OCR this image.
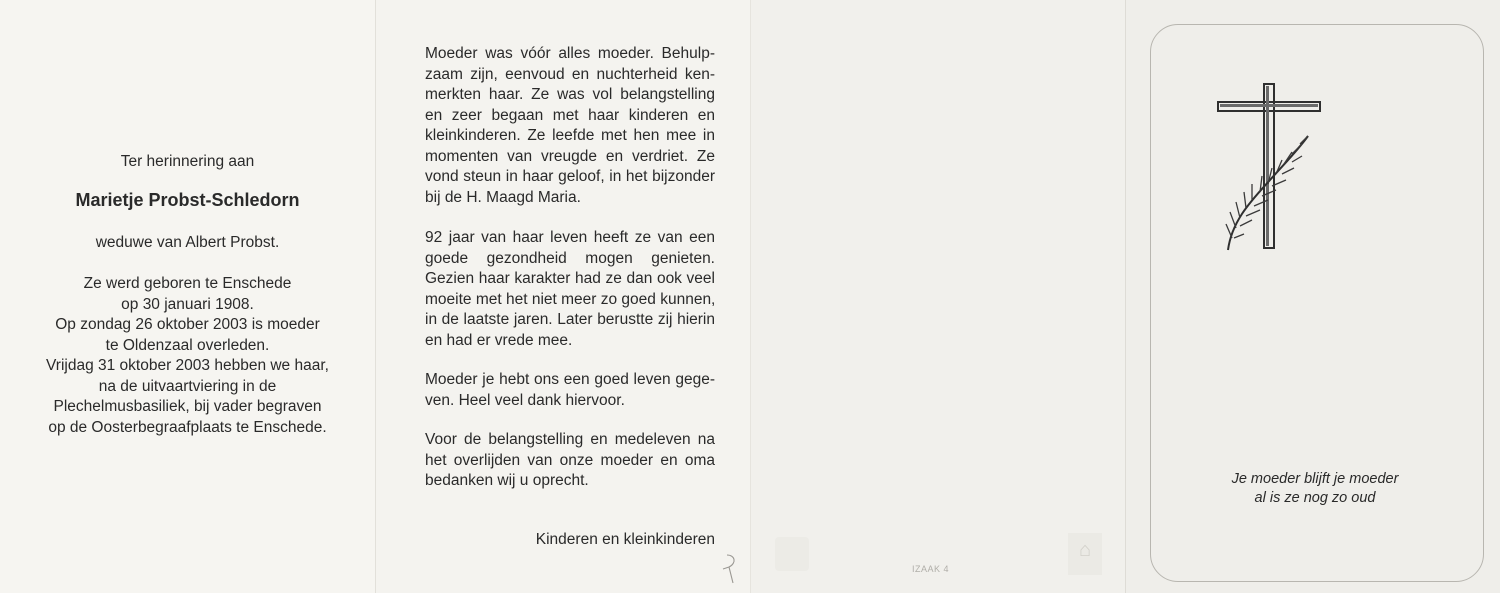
Ter herinnering aan
Marietje Probst-Schledorn
weduwe van Albert Probst.
Ze werd geboren te Enschede
op 30 januari 1908.
Op zondag 26 oktober 2003 is moeder
te Oldenzaal overleden.
Vrijdag 31 oktober 2003 hebben we haar,
na de uitvaartviering in de
Plechelmusbasiliek, bij vader begraven
op de Oosterbegraafplaats te Enschede.
Moeder was vóór alles moeder. Behulp-
zaam zijn, eenvoud en nuchterheid ken-
merkten haar. Ze was vol belangstelling
en zeer begaan met haar kinderen en
kleinkinderen. Ze leefde met hen mee in
momenten van vreugde en verdriet. Ze
vond steun in haar geloof, in het bijzonder
bij de H. Maagd Maria.
92 jaar van haar leven heeft ze van een
goede gezondheid mogen genieten.
Gezien haar karakter had ze dan ook veel
moeite met het niet meer zo goed kunnen,
in de laatste jaren. Later berustte zij hierin
en had er vrede mee.
Moeder je hebt ons een goed leven gege-
ven. Heel veel dank hiervoor.
Voor de belangstelling en medeleven na
het overlijden van onze moeder en oma
bedanken wij u oprecht.
Kinderen en kleinkinderen
IZAAK 4
⌂
Je moeder blijft je moeder
al is ze nog zo oud
